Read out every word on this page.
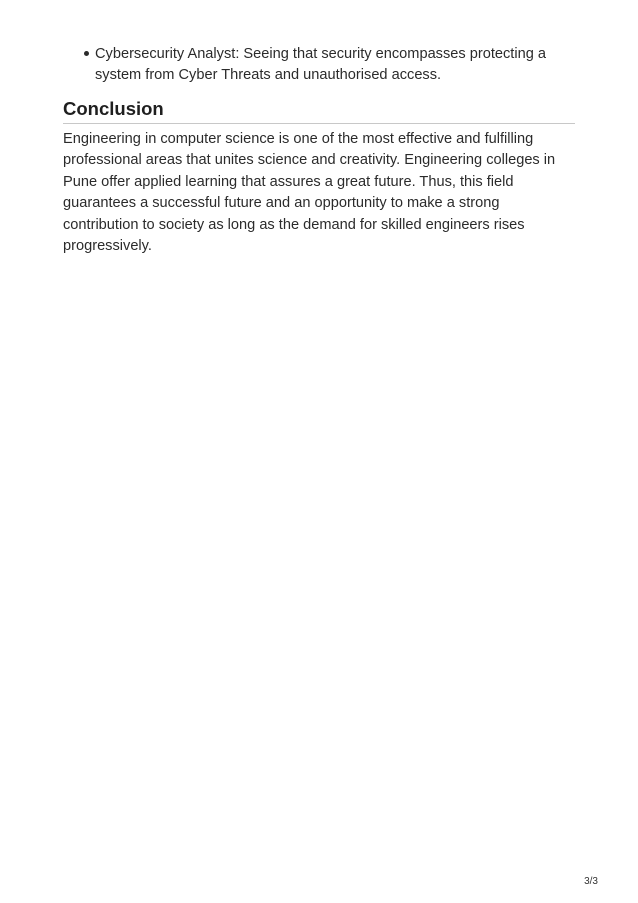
Cybersecurity Analyst: Seeing that security encompasses protecting a system from Cyber Threats and unauthorised access.
Conclusion

Engineering in computer science is one of the most effective and fulfilling professional areas that unites science and creativity. Engineering colleges in Pune offer applied learning that assures a great future. Thus, this field guarantees a successful future and an opportunity to make a strong contribution to society as long as the demand for skilled engineers rises progressively.

3/3
